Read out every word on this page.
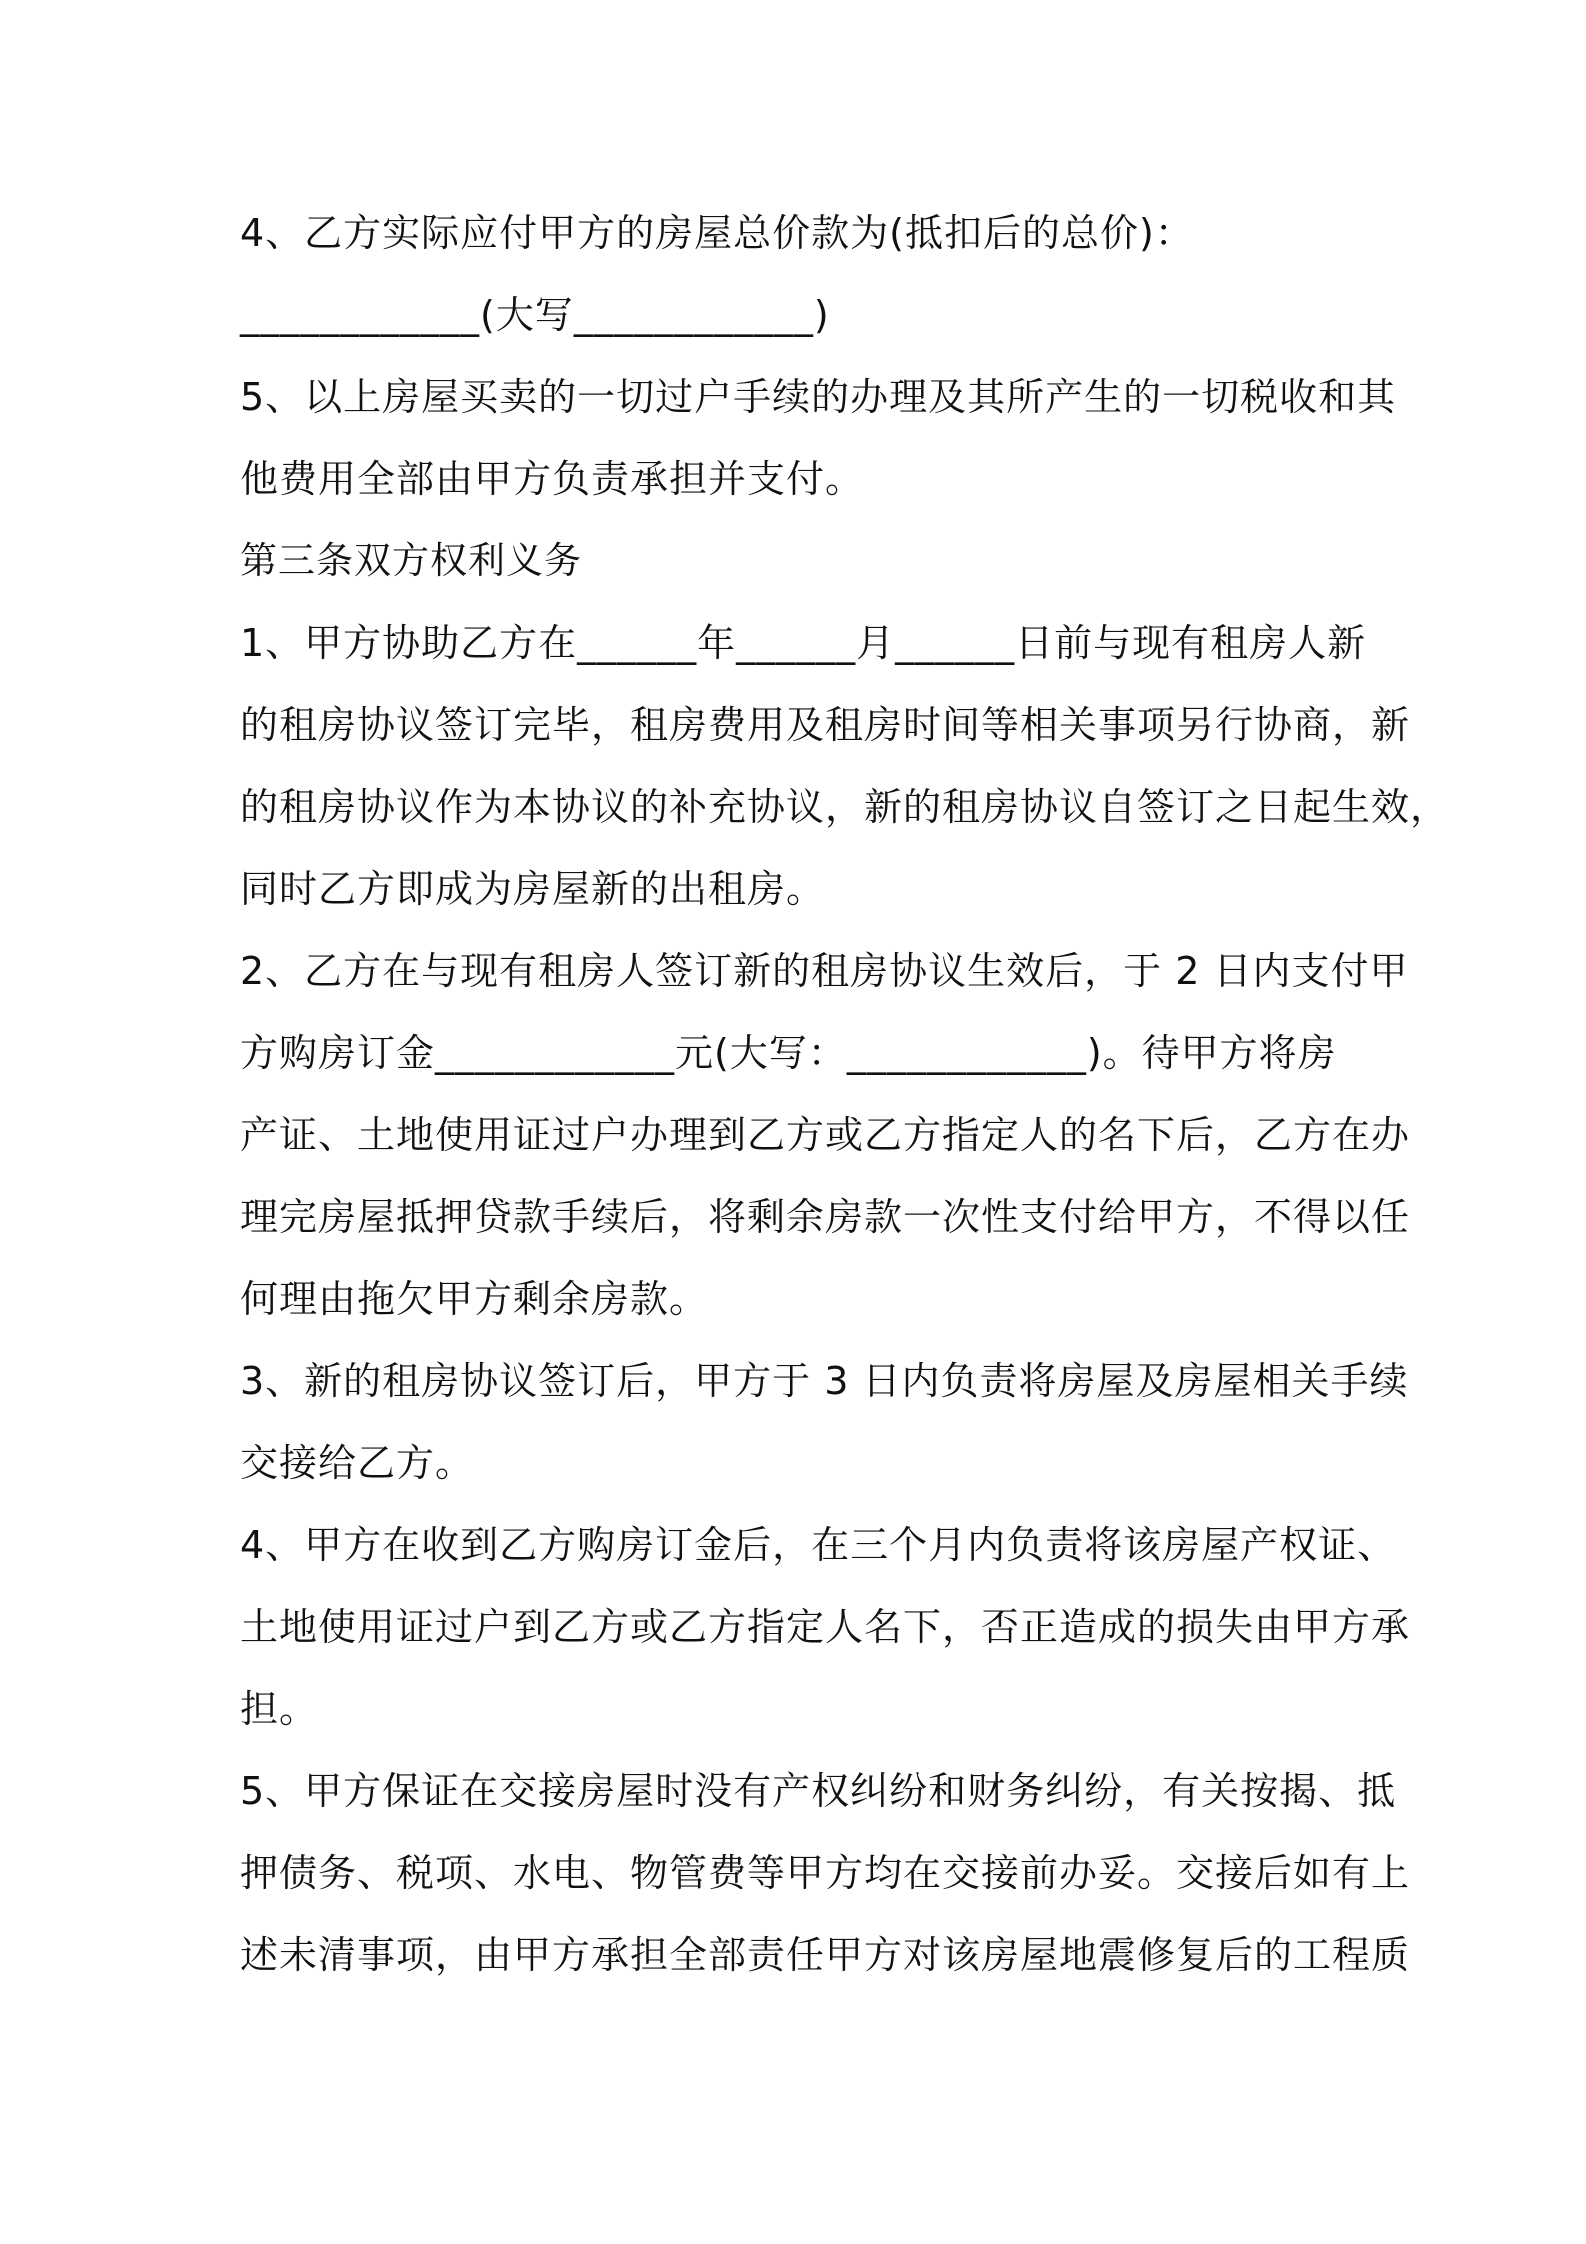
4、乙方实际应付甲方的房屋总价款为(抵扣后的总价)：
____________(大写____________)
5、以上房屋买卖的一切过户手续的办理及其所产生的一切税收和其
他费用全部由甲方负责承担并支付。
第三条双方权利义务
1、甲方协助乙方在______年______月______日前与现有租房人新
的租房协议签订完毕，租房费用及租房时间等相关事项另行协商，新
的租房协议作为本协议的补充协议，新的租房协议自签订之日起生效，
同时乙方即成为房屋新的出租房。
2、乙方在与现有租房人签订新的租房协议生效后，于 2 日内支付甲
方购房订金____________元(大写：____________)。待甲方将房
产证、土地使用证过户办理到乙方或乙方指定人的名下后，乙方在办
理完房屋抵押贷款手续后，将剩余房款一次性支付给甲方，不得以任
何理由拖欠甲方剩余房款。
3、新的租房协议签订后，甲方于 3 日内负责将房屋及房屋相关手续
交接给乙方。
4、甲方在收到乙方购房订金后，在三个月内负责将该房屋产权证、
土地使用证过户到乙方或乙方指定人名下，否正造成的损失由甲方承
担。
5、甲方保证在交接房屋时没有产权纠纷和财务纠纷，有关按揭、抵
押债务、税项、水电、物管费等甲方均在交接前办妥。交接后如有上
述未清事项，由甲方承担全部责任甲方对该房屋地震修复后的工程质
